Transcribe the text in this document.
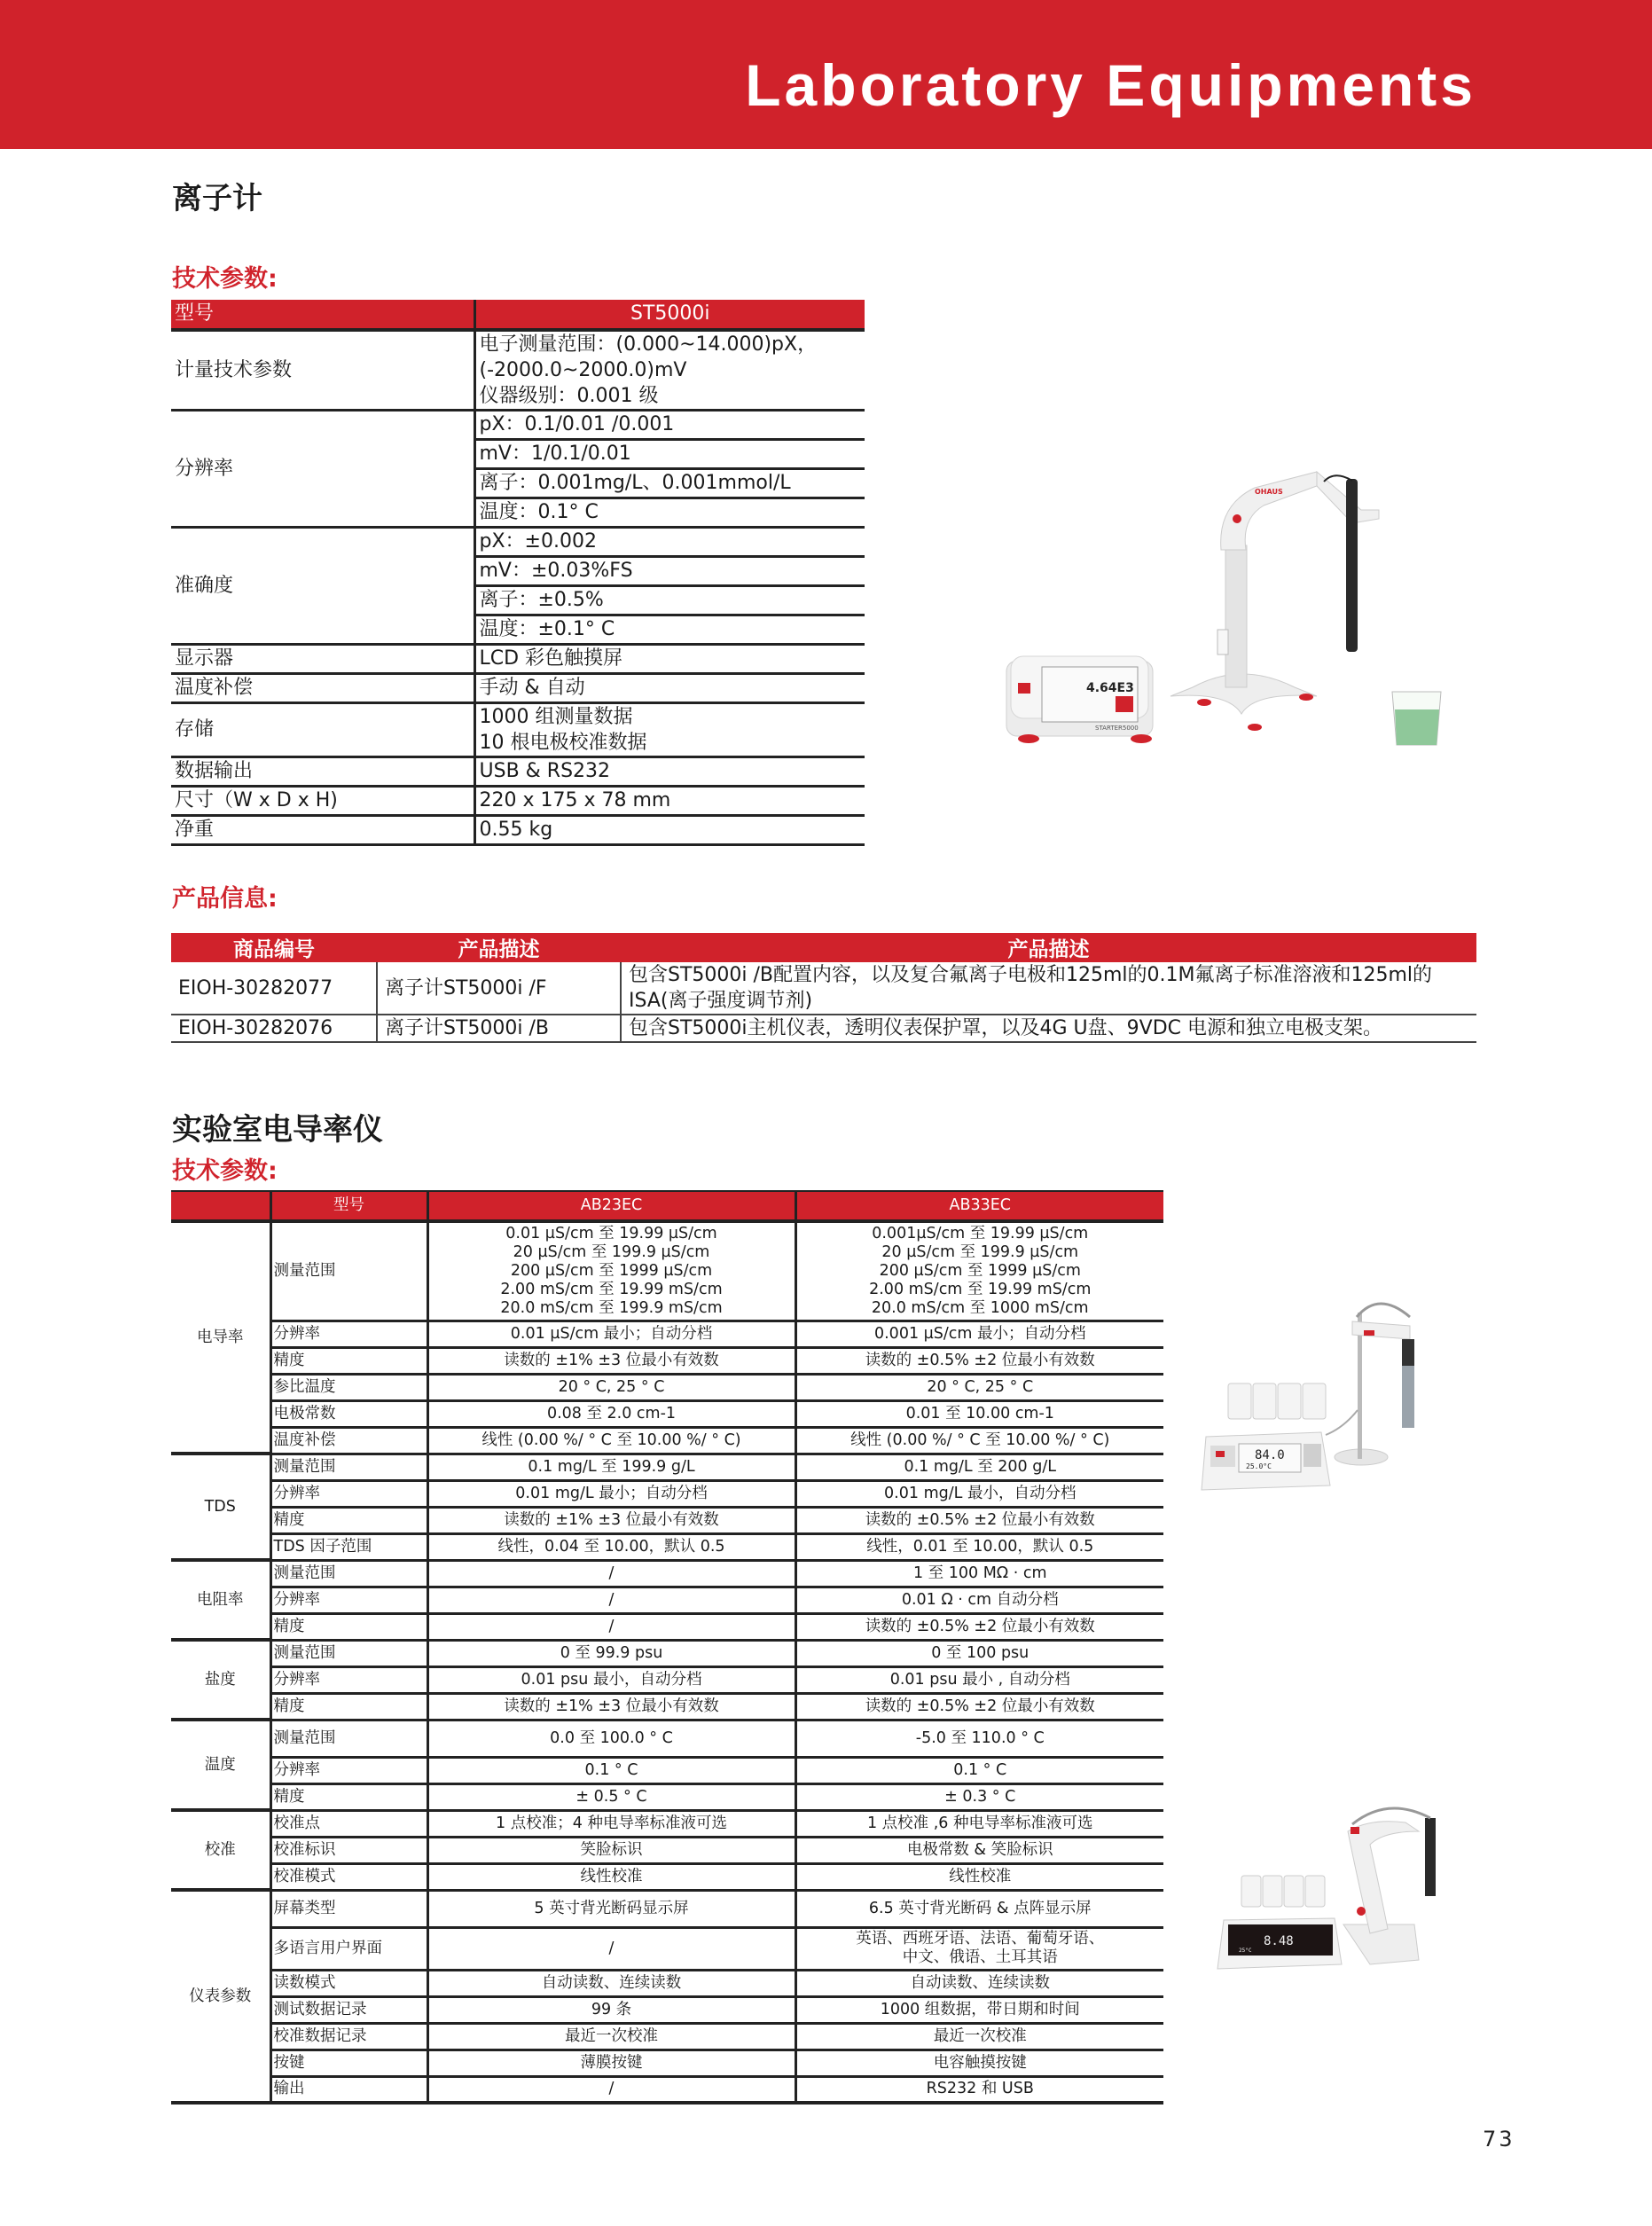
Laboratory Equipments
离子计
技术参数:
型号	ST5000i
计量技术参数	电子测量范围：(0.000~14.000)pX，
(-2000.0~2000.0)mV
仪器级别：0.001 级

分辨率	pX：0.1/0.01 /0.001
	mV：1/0.1/0.01
	离子：0.001mg/L、0.001mmol/L
	温度：0.1° C
准确度	pX：±0.002
	mV：±0.03%FS
	离子：±0.5%
	温度：±0.1° C
显示器	LCD 彩色触摸屏
温度补偿	手动 & 自动
存储	1000 组测量数据
10 根电极校准数据

数据输出	USB & RS232
尺寸（W x D x H)	220 x 175 x 78 mm
净重	0.55 kg
4.64E3
STARTER5000
OHAUS
产品信息:
商品编号	产品描述	产品描述
EIOH-30282077	离子计ST5000i /F	包含ST5000i /B配置内容，以及复合氟离子电极和125ml的0.1M氟离子标准溶液和125ml的ISA(离子强度调节剂)
EIOH-30282076	离子计ST5000i /B	包含ST5000i主机仪表，透明仪表保护罩，以及4G U盘、9VDC 电源和独立电极支架。
实验室电导率仪
技术参数:
	型号	AB23EC	AB33EC
电导率	测量范围	0.01 µS/cm 至 19.99 µS/cm
20 µS/cm 至 199.9 µS/cm
200 µS/cm 至 1999 µS/cm
2.00 mS/cm 至 19.99 mS/cm
20.0 mS/cm 至 199.9 mS/cm	0.001µS/cm 至 19.99 µS/cm
20 µS/cm 至 199.9 µS/cm
200 µS/cm 至 1999 µS/cm
2.00 mS/cm 至 19.99 mS/cm
20.0 mS/cm 至 1000 mS/cm
	分辨率	0.01 µS/cm 最小；自动分档	0.001 µS/cm 最小；自动分档
	精度	读数的 ±1% ±3 位最小有效数	读数的 ±0.5% ±2 位最小有效数
	参比温度	20 ° C, 25 ° C	20 ° C, 25 ° C
	电极常数	0.08 至 2.0 cm-1	0.01 至 10.00 cm-1
	温度补偿	线性 (0.00 %/ ° C 至 10.00 %/ ° C)	线性 (0.00 %/ ° C 至 10.00 %/ ° C)
TDS	测量范围	0.1 mg/L 至 199.9 g/L	0.1 mg/L 至 200 g/L
	分辨率	0.01 mg/L 最小；自动分档	0.01 mg/L 最小，自动分档
	精度	读数的 ±1% ±3 位最小有效数	读数的 ±0.5% ±2 位最小有效数
	TDS 因子范围	线性，0.04 至 10.00，默认 0.5	线性，0.01 至 10.00，默认 0.5
电阻率	测量范围	/	1 至 100 MΩ · cm
	分辨率	/	0.01 Ω · cm 自动分档
	精度	/	读数的 ±0.5% ±2 位最小有效数
盐度	测量范围	0 至 99.9 psu	0 至 100 psu
	分辨率	0.01 psu 最小，自动分档	0.01 psu 最小 , 自动分档
	精度	读数的 ±1% ±3 位最小有效数	读数的 ±0.5% ±2 位最小有效数
温度	测量范围	0.0 至 100.0 ° C	-5.0 至 110.0 ° C
	分辨率	0.1 ° C	0.1 ° C
	精度	± 0.5 ° C	± 0.3 ° C
校准	校准点	1 点校准；4 种电导率标准液可选	1 点校准 ,6 种电导率标准液可选
	校准标识	笑脸标识	电极常数 & 笑脸标识
	校准模式	线性校准	线性校准
仪表参数	屏幕类型	5 英寸背光断码显示屏	6.5 英寸背光断码 & 点阵显示屏
	多语言用户界面	/	英语、西班牙语、法语、葡萄牙语、
中文、俄语、土耳其语
	读数模式	自动读数、连续读数	自动读数、连续读数
	测试数据记录	99 条	1000 组数据，带日期和时间
	校准数据记录	最近一次校准	最近一次校准
	按键	薄膜按键	电容触摸按键
	输出	/	RS232 和 USB
84.0
25.0°C
8.48
25°C
73
